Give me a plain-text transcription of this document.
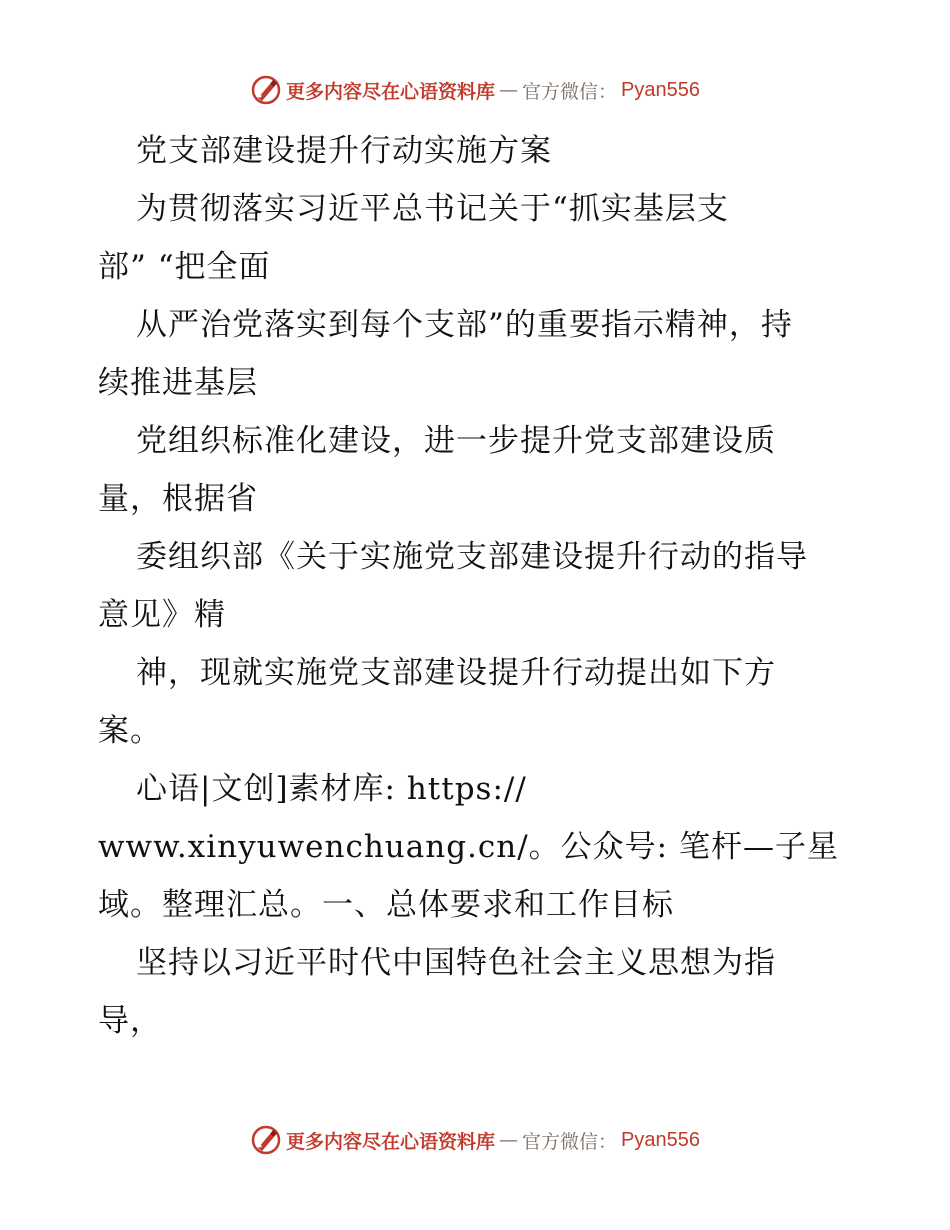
更多内容尽在心语资料库 — 官方微信： Pyan556
党支部建设提升行动实施方案
为贯彻落实习近平总书记关于“抓实基层支
部” “把全面
从严治党落实到每个支部”的重要指示精神，持
续推进基层
党组织标准化建设，进一步提升党支部建设质
量，根据省
委组织部《关于实施党支部建设提升行动的指导
意见》精
神，现就实施党支部建设提升行动提出如下方
案。
心语|文创]素材库: https://
www.xinyuwenchuang.cn/。公众号: 笔杆—子星
域。整理汇总。一、总体要求和工作目标
坚持以习近平时代中国特色社会主义思想为指
导，
更多内容尽在心语资料库 — 官方微信： Pyan556
